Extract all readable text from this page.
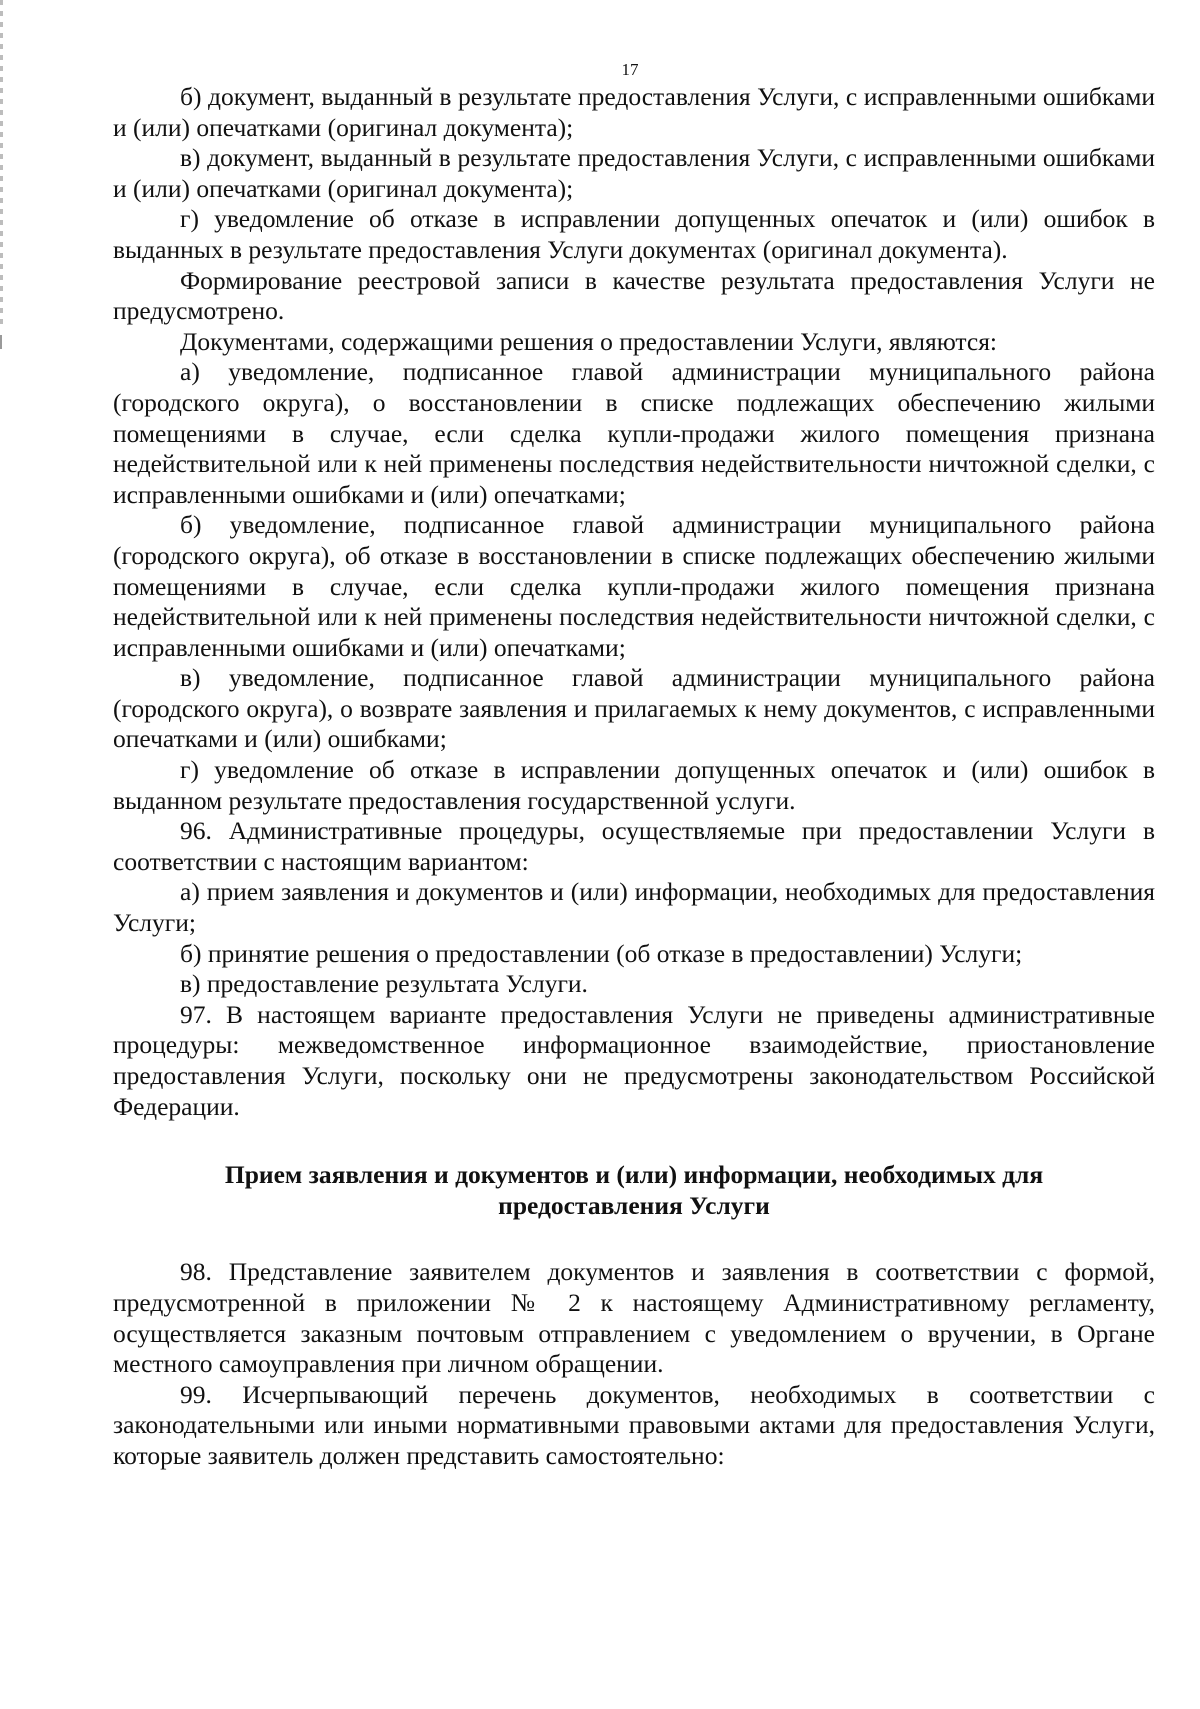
17

б) документ, выданный в результате предоставления Услуги, с исправленными ошибками и (или) опечатками (оригинал документа);

в) документ, выданный в результате предоставления Услуги, с исправленными ошибками и (или) опечатками (оригинал документа);

г) уведомление об отказе в исправлении допущенных опечаток и (или) ошибок в выданных в результате предоставления Услуги документах (оригинал документа).

Формирование реестровой записи в качестве результата предоставления Услуги не предусмотрено.

Документами, содержащими решения о предоставлении Услуги, являются:

а) уведомление, подписанное главой администрации муниципального района (городского округа), о восстановлении в списке подлежащих обеспечению жилыми помещениями в случае, если сделка купли-продажи жилого помещения признана недействительной или к ней применены последствия недействительности ничтожной сделки, с исправленными ошибками и (или) опечатками;

б) уведомление, подписанное главой администрации муниципального района (городского округа), об отказе в восстановлении в списке подлежащих обеспечению жилыми помещениями в случае, если сделка купли-продажи жилого помещения признана недействительной или к ней применены последствия недействительности ничтожной сделки, с исправленными ошибками и (или) опечатками;

в) уведомление, подписанное главой администрации муниципального района (городского округа), о возврате заявления и прилагаемых к нему документов, с исправленными опечатками и (или) ошибками;

г) уведомление об отказе в исправлении допущенных опечаток и (или) ошибок в выданном результате предоставления государственной услуги.

96. Административные процедуры, осуществляемые при предоставлении Услуги в соответствии с настоящим вариантом:

а) прием заявления и документов и (или) информации, необходимых для предоставления Услуги;

б) принятие решения о предоставлении (об отказе в предоставлении) Услуги;

в) предоставление результата Услуги.

97. В настоящем варианте предоставления Услуги не приведены административные процедуры: межведомственное информационное взаимодействие, приостановление предоставления Услуги, поскольку они не предусмотрены законодательством Российской Федерации.

Прием заявления и документов и (или) информации, необходимых для предоставления Услуги

98. Представление заявителем документов и заявления в соответствии с формой, предусмотренной в приложении № 2 к настоящему Административному регламенту, осуществляется заказным почтовым отправлением с уведомлением о вручении, в Органе местного самоуправления при личном обращении.

99. Исчерпывающий перечень документов, необходимых в соответствии с законодательными или иными нормативными правовыми актами для предоставления Услуги, которые заявитель должен представить самостоятельно:
